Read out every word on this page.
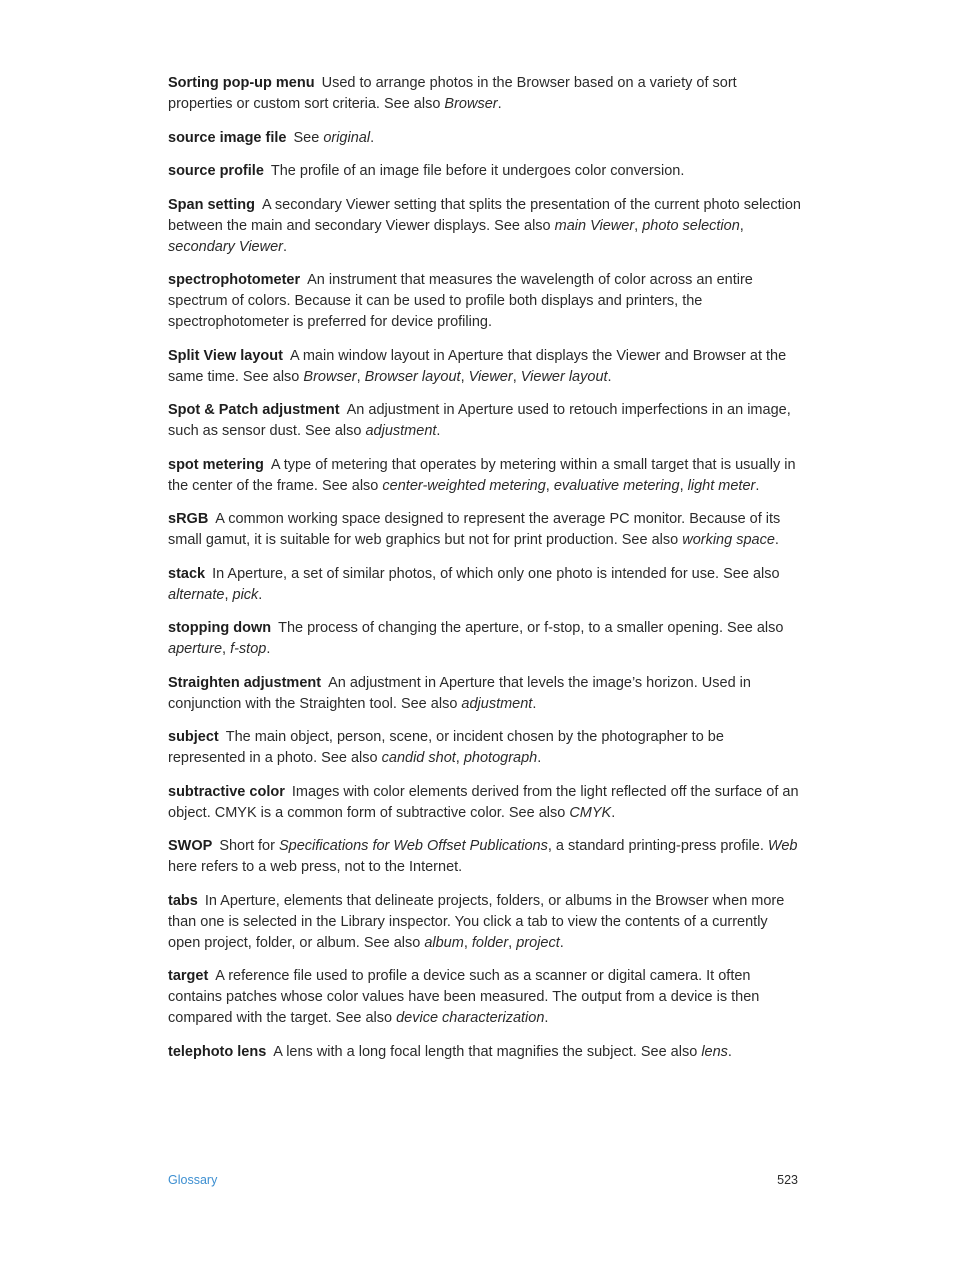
Sorting pop-up menu Used to arrange photos in the Browser based on a variety of sort properties or custom sort criteria. See also Browser.

source image file See original.

source profile The profile of an image file before it undergoes color conversion.

Span setting A secondary Viewer setting that splits the presentation of the current photo selection between the main and secondary Viewer displays. See also main Viewer, photo selection, secondary Viewer.

spectrophotometer An instrument that measures the wavelength of color across an entire spectrum of colors. Because it can be used to profile both displays and printers, the spectrophotometer is preferred for device profiling.

Split View layout A main window layout in Aperture that displays the Viewer and Browser at the same time. See also Browser, Browser layout, Viewer, Viewer layout.

Spot & Patch adjustment An adjustment in Aperture used to retouch imperfections in an image, such as sensor dust. See also adjustment.

spot metering A type of metering that operates by metering within a small target that is usually in the center of the frame. See also center-weighted metering, evaluative metering, light meter.

sRGB A common working space designed to represent the average PC monitor. Because of its small gamut, it is suitable for web graphics but not for print production. See also working space.

stack In Aperture, a set of similar photos, of which only one photo is intended for use. See also alternate, pick.

stopping down The process of changing the aperture, or f-stop, to a smaller opening. See also aperture, f-stop.

Straighten adjustment An adjustment in Aperture that levels the image’s horizon. Used in conjunction with the Straighten tool. See also adjustment.

subject The main object, person, scene, or incident chosen by the photographer to be represented in a photo. See also candid shot, photograph.

subtractive color Images with color elements derived from the light reflected off the surface of an object. CMYK is a common form of subtractive color. See also CMYK.

SWOP Short for Specifications for Web Offset Publications, a standard printing-press profile. Web here refers to a web press, not to the Internet.

tabs In Aperture, elements that delineate projects, folders, or albums in the Browser when more than one is selected in the Library inspector. You click a tab to view the contents of a currently open project, folder, or album. See also album, folder, project.

target A reference file used to profile a device such as a scanner or digital camera. It often contains patches whose color values have been measured. The output from a device is then compared with the target. See also device characterization.

telephoto lens A lens with a long focal length that magnifies the subject. See also lens.

Glossary	523
